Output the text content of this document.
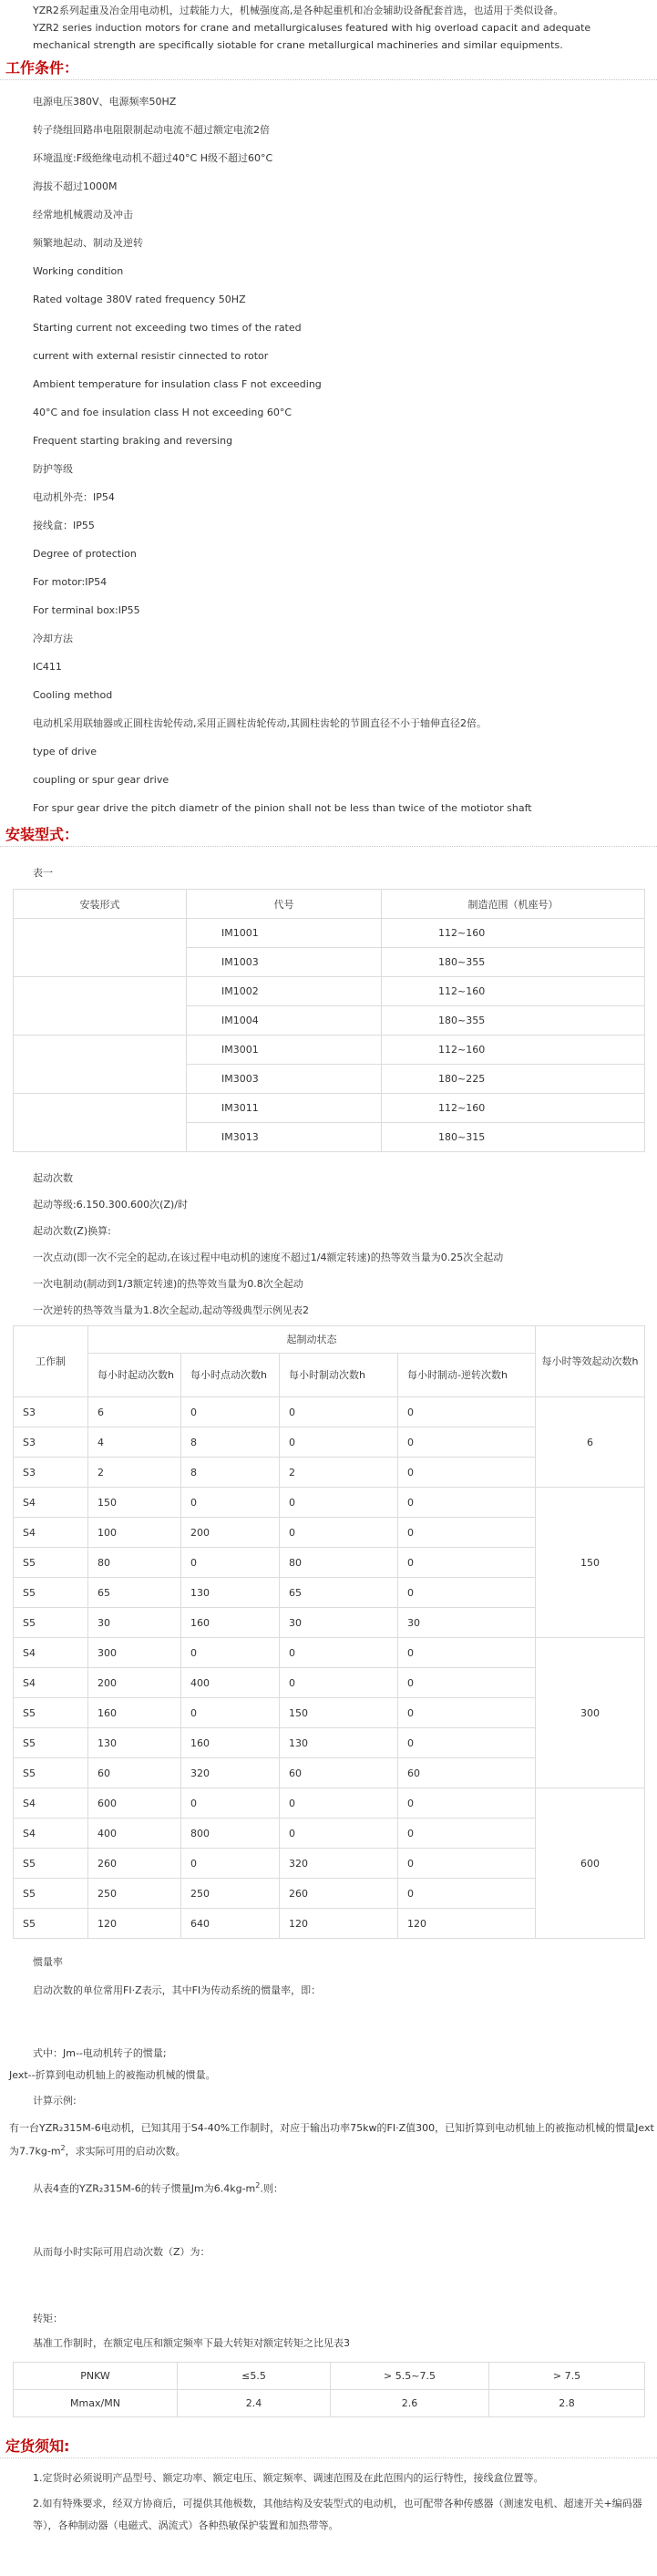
YZR2系列起重及冶金用电动机，过载能力大，机械强度高,是各种起重机和冶金辅助设备配套首选，也适用于类似设备。

YZR2 series induction motors for crane and metallurgicaluses featured with hig overload capacit and adequate mechanical strength are specifically siotable for crane metallurgical machineries and similar equipments.

工作条件：
电源电压380V、电源频率50HZ
转子绕组回路串电阻限制起动电流不超过额定电流2倍
环境温度:F级绝缘电动机不超过40°C H级不超过60°C
海拔不超过1000M
经常地机械震动及冲击
频繁地起动、制动及逆转
Working condition
Rated voltage 380V rated frequency 50HZ
Starting current not exceeding two times of the rated
current with external resistir cinnected to rotor
Ambient temperature for insulation class F not exceeding
40°C and foe insulation class H not exceeding 60°C
Frequent starting braking and reversing
防护等级
电动机外壳：IP54
接线盒：IP55
Degree of protection
For motor:IP54
For terminal box:IP55
冷却方法
IC411
Cooling method
电动机采用联轴器或正圆柱齿轮传动,采用正圆柱齿轮传动,其圆柱齿轮的节圆直径不小于轴伸直径2倍。
type of drive
coupling or spur gear drive
For spur gear drive the pitch diametr of the pinion shall not be less than twice of the motiotor shaft
安装型式：
表一
安装形式	代号	制造范围（机座号）
	IM1001	112~160
	IM1003	180~355
	IM1002	112~160
	IM1004	180~355
	IM3001	112~160
	IM3003	180~225
	IM3011	112~160
	IM3013	180~315
起动次数
起动等级:6.150.300.600次(Z)/时
起动次数(Z)换算:
一次点动(即一次不完全的起动,在该过程中电动机的速度不超过1/4额定转速)的热等效当量为0.25次全起动
一次电制动(制动到1/3额定转速)的热等效当量为0.8次全起动
一次逆转的热等效当量为1.8次全起动,起动等级典型示例见表2
工作制	起制动状态				每小时等效起动次数h
	每小时起动次数h	每小时点动次数h	每小时制动次数h	每小时制动-逆转次数h	
S3	6	0	0	0	6
S3	4	8	0	0	
S3	2	8	2	0	
S4	150	0	0	0	150
S4	100	200	0	0	
S5	80	0	80	0	
S5	65	130	65	0	
S5	30	160	30	30	
S4	300	0	0	0	300
S4	200	400	0	0	
S5	160	0	150	0	
S5	130	160	130	0	
S5	60	320	60	60	
S4	600	0	0	0	600
S4	400	800	0	0	
S5	260	0	320	0	
S5	250	250	260	0	
S5	120	640	120	120	
惯量率
启动次数的单位常用FI·Z表示，其中FI为传动系统的惯量率，即：
式中：Jm--电动机转子的惯量;
Jext--折算到电动机轴上的被拖动机械的惯量。
计算示例:
有一台YZR₂315M-6电动机，已知其用于S4-40%工作制时，对应于输出功率75kw的FI·Z值300，已知折算到电动机轴上的被拖动机械的惯量Jext为$7.7kg-m^2$，求实际可用的启动次数。
从表4查的YZR₂315M-6的转子惯量Jm为$6.4kg-m^2$.则：
从而每小时实际可用启动次数（Z）为：
转矩：
基准工作制时，在额定电压和额定频率下最大转矩对额定转矩之比见表3
PNKW	≤5.5	> 5.5~7.5	> 7.5
Mmax/MN	2.4	2.6	2.8
定货须知:
1.定货时必须说明产品型号、额定功率、额定电压、额定频率、调速范围及在此范围内的运行特性，接线盒位置等。
2.如有特殊要求，经双方协商后，可提供其他极数，其他结构及安装型式的电动机，也可配带各种传感器（测速发电机、超速开关+编码器等），各种制动器（电磁式、涡流式）各种热敏保护装置和加热带等。
